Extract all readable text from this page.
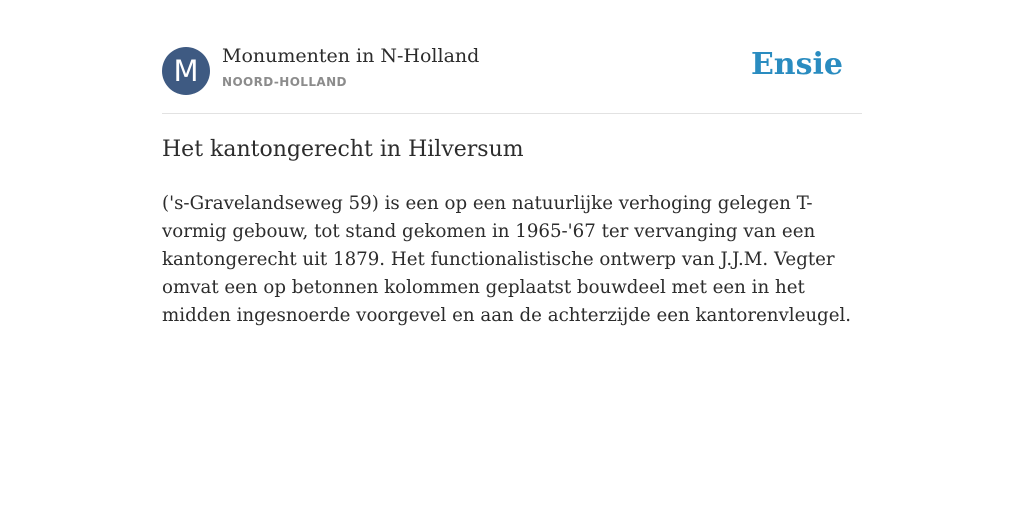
M	Monumenten in N-Holland
NOORD-HOLLAND	Ensie
Het kantongerecht in Hilversum

('s-Gravelandseweg 59) is een op een natuurlijke verhoging gelegen T-vormig gebouw, tot stand gekomen in 1965-'67 ter vervanging van een kantongerecht uit 1879. Het functionalistische ontwerp van J.J.M. Vegter omvat een op betonnen kolommen geplaatst bouwdeel met een in het midden ingesnoerde voorgevel en aan de achterzijde een kantorenvleugel.
